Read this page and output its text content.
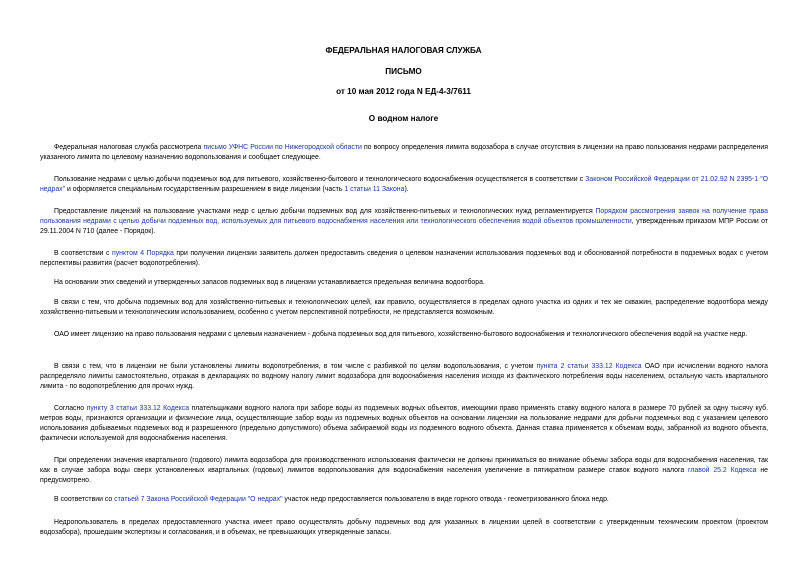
ФЕДЕРАЛЬНАЯ НАЛОГОВАЯ СЛУЖБА
ПИСЬМО
от 10 мая 2012 года N ЕД-4-3/7611
О водном налоге

Федеральная налоговая служба рассмотрела письмо УФНС России по Нижегородской области по вопросу определения лимита водозабора в случае отсутствия в лицензии на право пользования недрами распределения указанного лимита по целевому назначению водопользования и сообщает следующее.

Пользование недрами с целью добычи подземных вод для питьевого, хозяйственно-бытового и технологического водоснабжения осуществляется в соответствии с Законом Российской Федерации от 21.02.92 N 2395-1 "О недрах" и оформляется специальным государственным разрешением в виде лицензии (часть 1 статьи 11 Закона).

Предоставление лицензий на пользование участками недр с целью добычи подземных вод для хозяйственно-питьевых и технологических нужд регламентируется Порядком рассмотрения заявок на получение права пользования недрами с целью добычи подземных вод, используемых для питьевого водоснабжения населения или технологического обеспечения водой объектов промышленности, утвержденным приказом МПР России от 29.11.2004 N 710 (далее - Порядок).

В соответствии с пунктом 4 Порядка при получении лицензии заявитель должен предоставить сведения о целевом назначении использования подземных вод и обоснованной потребности в подземных водах с учетом перспективы развития (расчет водопотребления).

На основании этих сведений и утвержденных запасов подземных вод в лицензии устанавливается предельная величина водоотбора.

В связи с тем, что добыча подземных вод для хозяйственно-питьевых и технологических целей, как правило, осуществляется в пределах одного участка из одних и тех же скважин, распределение водоотбора между хозяйственно-питьевым и технологическим использованием, особенно с учетом перспективной потребности, не представляется возможным.

ОАО имеет лицензию на право пользования недрами с целевым назначением - добыча подземных вод для питьевого, хозяйственно-бытового водоснабжения и технологического обеспечения водой на участке недр.

В связи с тем, что в лицензии не были установлены лимиты водопотребления, в том числе с разбивкой по целям водопользования, с учетом пункта 2 статьи 333.12 Кодекса ОАО при исчислении водного налога распределяло лимиты самостоятельно, отражая в декларациях по водному налогу лимит водозабора для водоснабжения населения исходя из фактического потребления воды населением, остальную часть квартального лимита - по водопотреблению для прочих нужд.

Согласно пункту 3 статьи 333.12 Кодекса плательщиками водного налога при заборе воды из подземных водных объектов, имеющими право применять ставку водного налога в размере 70 рублей за одну тысячу куб. метров воды, признаются организации и физические лица, осуществляющие забор воды из подземных водных объектов на основании лицензии на пользование недрами для добычи подземных вод с указанием целевого использования добываемых подземных вод и разрешенного (предельно допустимого) объема забираемой воды из подземного водного объекта. Данная ставка применяется к объемам воды, забранной из водного объекта, фактически используемой для водоснабжения населения.

При определении значения квартального (годового) лимита водозабора для производственного использования фактически не должны приниматься во внимание объемы забора воды для водоснабжения населения, так как в случае забора воды сверх установленных квартальных (годовых) лимитов водопользования для водоснабжения населения увеличение в пятикратном размере ставок водного налога главой 25.2 Кодекса не предусмотрено.

В соответствии со статьей 7 Закона Российской Федерации "О недрах" участок недр предоставляется пользователю в виде горного отвода - геометризованного блока недр.

Недропользователь в пределах предоставленного участка имеет право осуществлять добычу подземных вод для указанных в лицензии целей в соответствии с утвержденным техническим проектом (проектом водозабора), прошедшим экспертизы и согласования, и в объемах, не превышающих утвержденные запасы.
